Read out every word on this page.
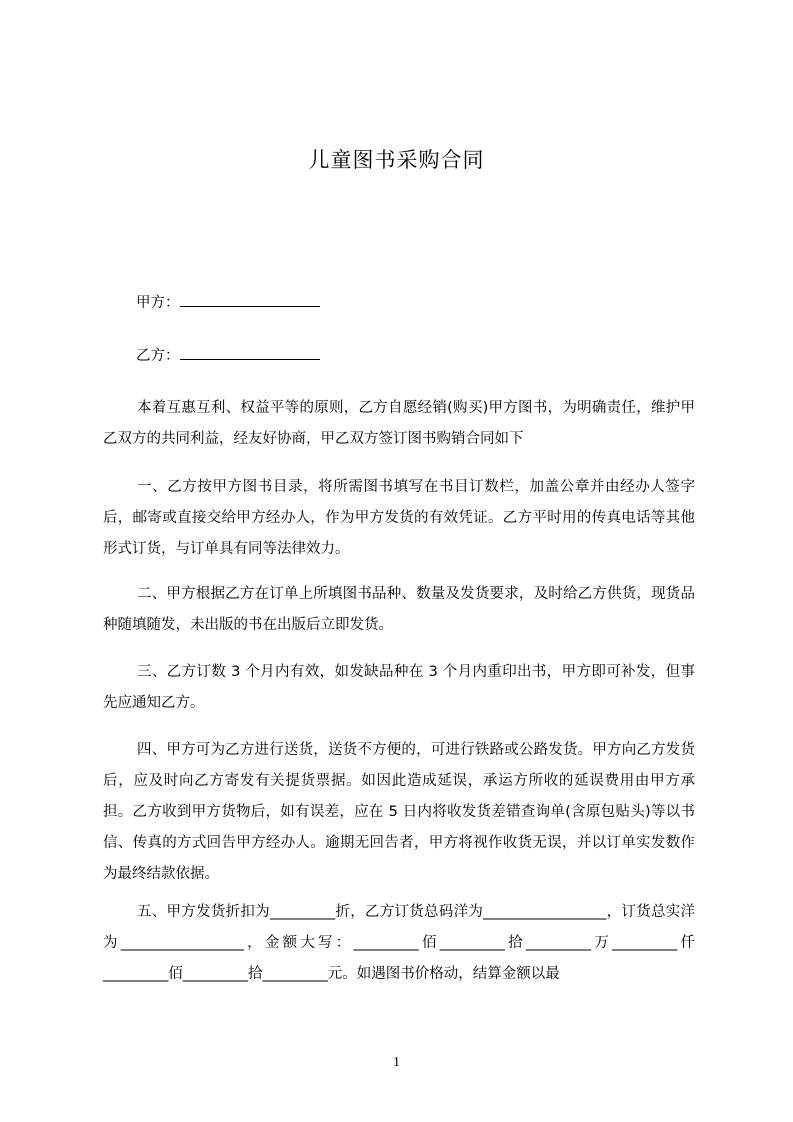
儿童图书采购合同
甲方：
乙方：

本着互惠互利、权益平等的原则，乙方自愿经销(购买)甲方图书，为明确责任，维护甲乙双方的共同利益，经友好协商，甲乙双方签订图书购销合同如下

一、乙方按甲方图书目录，将所需图书填写在书目订数栏，加盖公章并由经办人签字后，邮寄或直接交给甲方经办人，作为甲方发货的有效凭证。乙方平时用的传真电话等其他形式订货，与订单具有同等法律效力。

二、甲方根据乙方在订单上所填图书品种、数量及发货要求，及时给乙方供货，现货品种随填随发，未出版的书在出版后立即发货。

三、乙方订数 3 个月内有效，如发缺品种在 3 个月内重印出书，甲方即可补发，但事先应通知乙方。

四、甲方可为乙方进行送货，送货不方便的，可进行铁路或公路发货。甲方向乙方发货后，应及时向乙方寄发有关提货票据。如因此造成延误，承运方所收的延误费用由甲方承担。乙方收到甲方货物后，如有误差，应在 5 日内将收发货差错查询单(含原包贴头)等以书信、传真的方式回告甲方经办人。逾期无回告者，甲方将视作收货无误，并以订单实发数作为最终结款依据。

五、甲方发货折扣为_________折，乙方订货总码洋为_________________，订货总实洋为_________________，金额大写：_________佰_________拾_________万_________仟_________佰_________拾_________元。如遇图书价格动，结算金额以最

1
